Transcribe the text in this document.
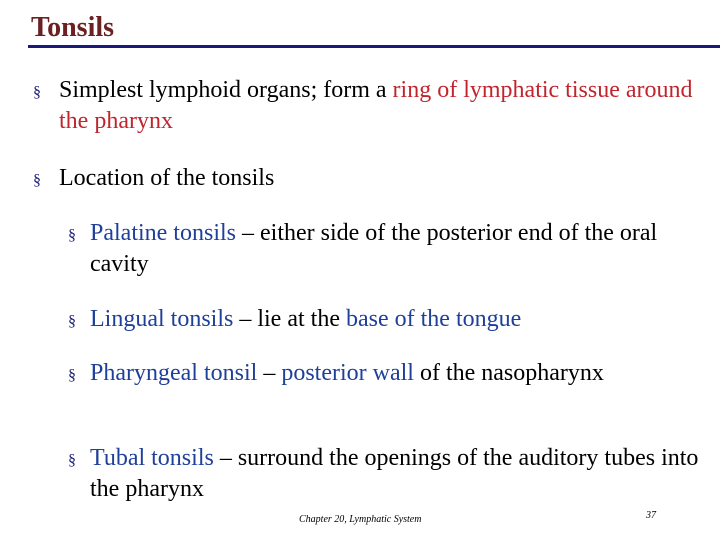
Tonsils

§ Simplest lymphoid organs; form a ring of lymphatic tissue around the pharynx

§ Location of the tonsils

§ Palatine tonsils – either side of the posterior end of the oral cavity

§ Lingual tonsils – lie at the base of the tongue

§ Pharyngeal tonsil – posterior wall of the nasopharynx

§ Tubal tonsils – surround the openings of the auditory tubes into the pharynx

Chapter 20, Lymphatic System	37
